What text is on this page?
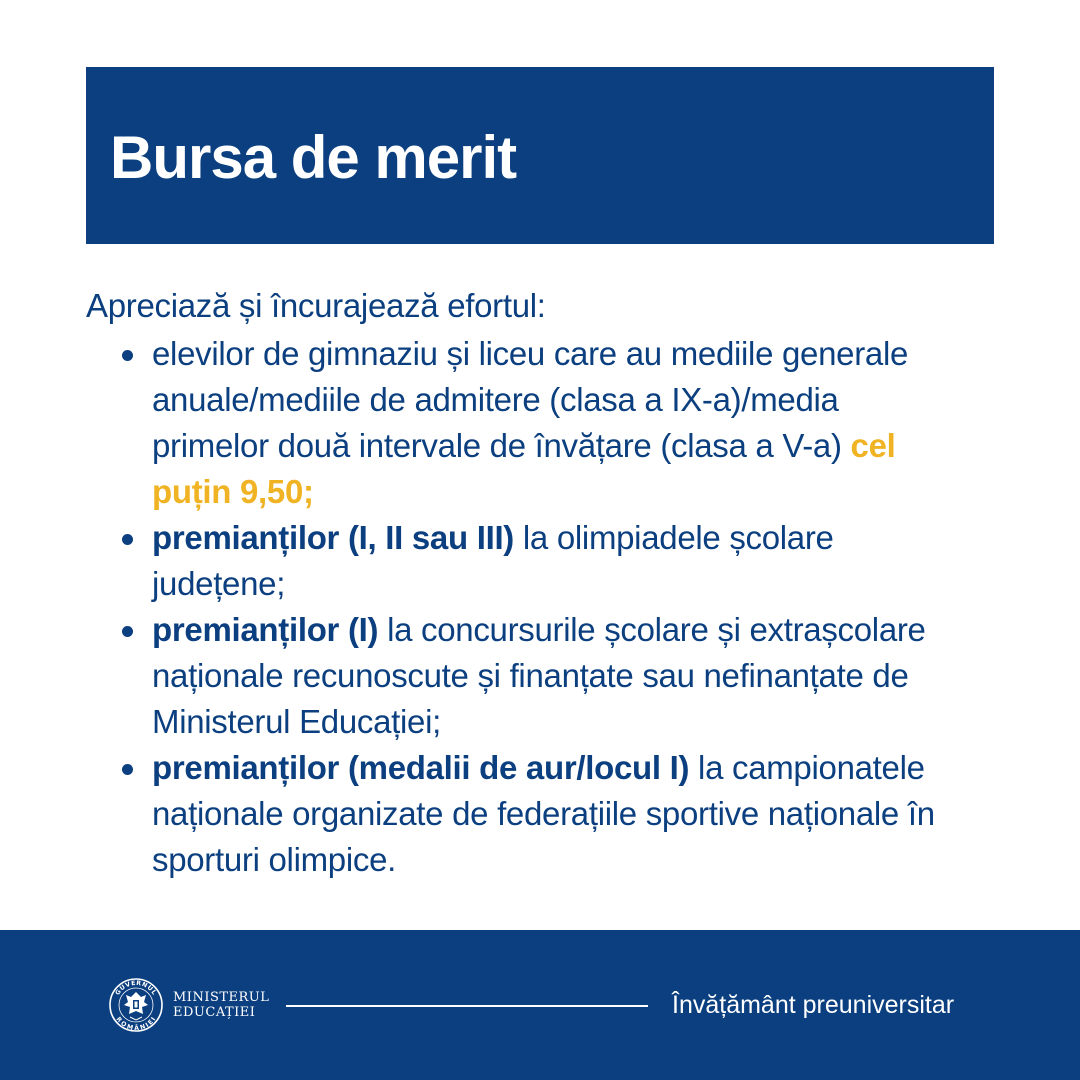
Bursa de merit

Apreciază și încurajează efortul:

elevilor de gimnaziu și liceu care au mediile generale anuale/mediile de admitere (clasa a IX-a)/media primelor două intervale de învățare (clasa a V-a) cel puțin 9,50;
premianților (I, II sau III) la olimpiadele școlare județene;
premianților (I) la concursurile școlare și extrașcolare naționale recunoscute și finanțate sau nefinanțate de Ministerul Educației;
premianților (medalii de aur/locul I) la campionatele naționale organizate de federațiile sportive naționale în sporturi olimpice.
GUVERNUL
ROMÂNIEI
MINISTERUL
EDUCAȚIEI	Învățământ preuniversitar
